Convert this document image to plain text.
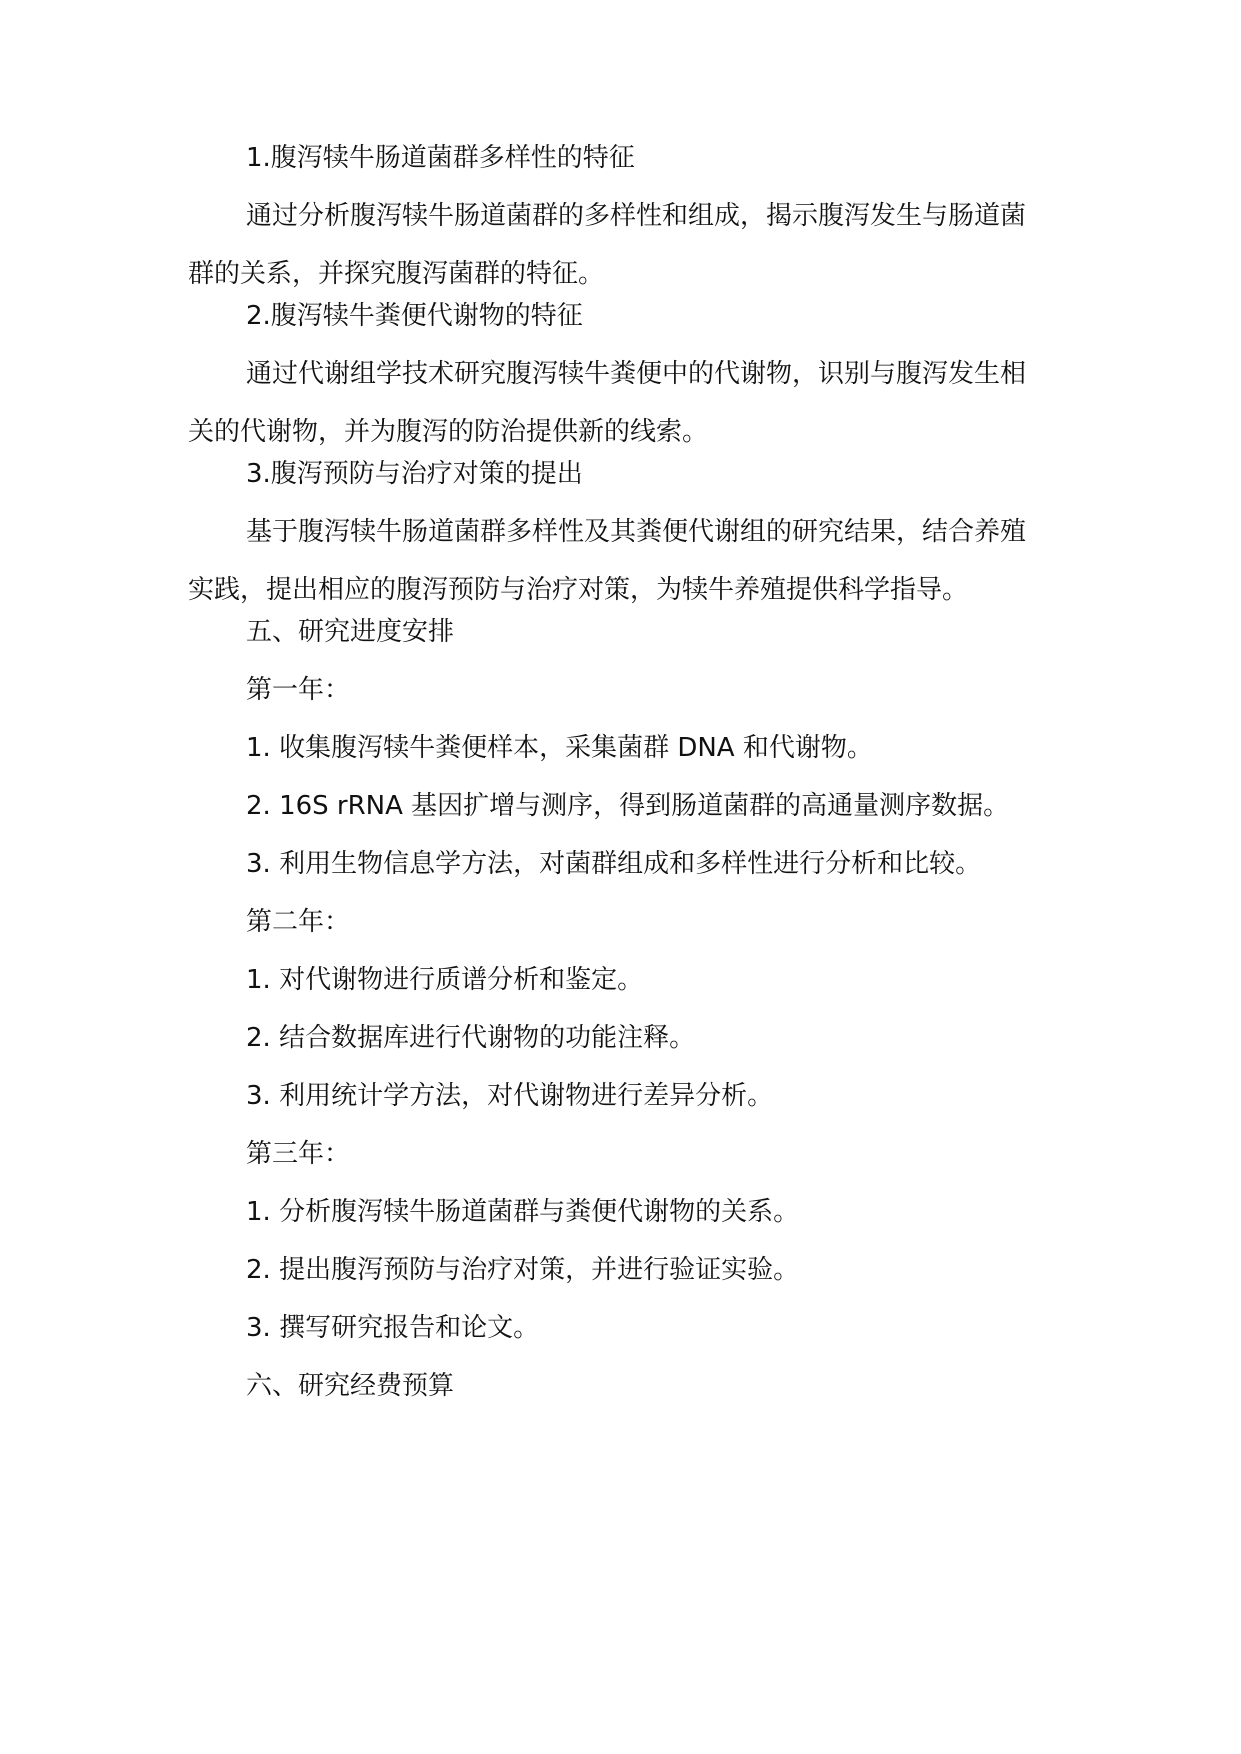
1.腹泻犊牛肠道菌群多样性的特征

通过分析腹泻犊牛肠道菌群的多样性和组成，揭示腹泻发生与肠道菌群的关系，并探究腹泻菌群的特征。

2.腹泻犊牛粪便代谢物的特征

通过代谢组学技术研究腹泻犊牛粪便中的代谢物，识别与腹泻发生相关的代谢物，并为腹泻的防治提供新的线索。

3.腹泻预防与治疗对策的提出

基于腹泻犊牛肠道菌群多样性及其粪便代谢组的研究结果，结合养殖实践，提出相应的腹泻预防与治疗对策，为犊牛养殖提供科学指导。

五、研究进度安排

第一年：

1. 收集腹泻犊牛粪便样本，采集菌群 DNA 和代谢物。

2. 16S rRNA 基因扩增与测序，得到肠道菌群的高通量测序数据。

3. 利用生物信息学方法，对菌群组成和多样性进行分析和比较。

第二年：

1. 对代谢物进行质谱分析和鉴定。

2. 结合数据库进行代谢物的功能注释。

3. 利用统计学方法，对代谢物进行差异分析。

第三年：

1. 分析腹泻犊牛肠道菌群与粪便代谢物的关系。

2. 提出腹泻预防与治疗对策，并进行验证实验。

3. 撰写研究报告和论文。

六、研究经费预算
